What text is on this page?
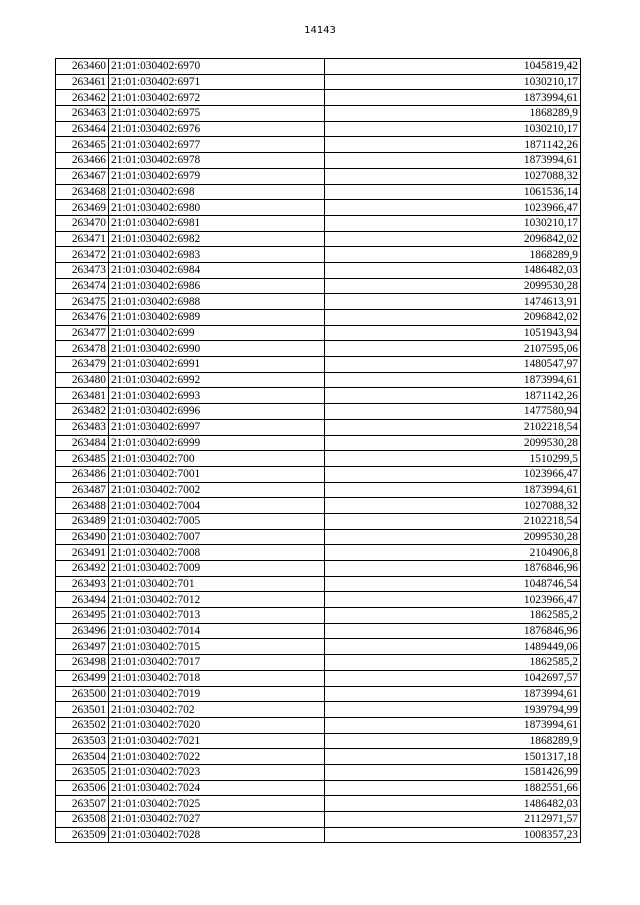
14143
263460	21:01:030402:6970	1045819,42
263461	21:01:030402:6971	1030210,17
263462	21:01:030402:6972	1873994,61
263463	21:01:030402:6975	1868289,9
263464	21:01:030402:6976	1030210,17
263465	21:01:030402:6977	1871142,26
263466	21:01:030402:6978	1873994,61
263467	21:01:030402:6979	1027088,32
263468	21:01:030402:698	1061536,14
263469	21:01:030402:6980	1023966,47
263470	21:01:030402:6981	1030210,17
263471	21:01:030402:6982	2096842,02
263472	21:01:030402:6983	1868289,9
263473	21:01:030402:6984	1486482,03
263474	21:01:030402:6986	2099530,28
263475	21:01:030402:6988	1474613,91
263476	21:01:030402:6989	2096842,02
263477	21:01:030402:699	1051943,94
263478	21:01:030402:6990	2107595,06
263479	21:01:030402:6991	1480547,97
263480	21:01:030402:6992	1873994,61
263481	21:01:030402:6993	1871142,26
263482	21:01:030402:6996	1477580,94
263483	21:01:030402:6997	2102218,54
263484	21:01:030402:6999	2099530,28
263485	21:01:030402:700	1510299,5
263486	21:01:030402:7001	1023966,47
263487	21:01:030402:7002	1873994,61
263488	21:01:030402:7004	1027088,32
263489	21:01:030402:7005	2102218,54
263490	21:01:030402:7007	2099530,28
263491	21:01:030402:7008	2104906,8
263492	21:01:030402:7009	1876846,96
263493	21:01:030402:701	1048746,54
263494	21:01:030402:7012	1023966,47
263495	21:01:030402:7013	1862585,2
263496	21:01:030402:7014	1876846,96
263497	21:01:030402:7015	1489449,06
263498	21:01:030402:7017	1862585,2
263499	21:01:030402:7018	1042697,57
263500	21:01:030402:7019	1873994,61
263501	21:01:030402:702	1939794,99
263502	21:01:030402:7020	1873994,61
263503	21:01:030402:7021	1868289,9
263504	21:01:030402:7022	1501317,18
263505	21:01:030402:7023	1581426,99
263506	21:01:030402:7024	1882551,66
263507	21:01:030402:7025	1486482,03
263508	21:01:030402:7027	2112971,57
263509	21:01:030402:7028	1008357,23
